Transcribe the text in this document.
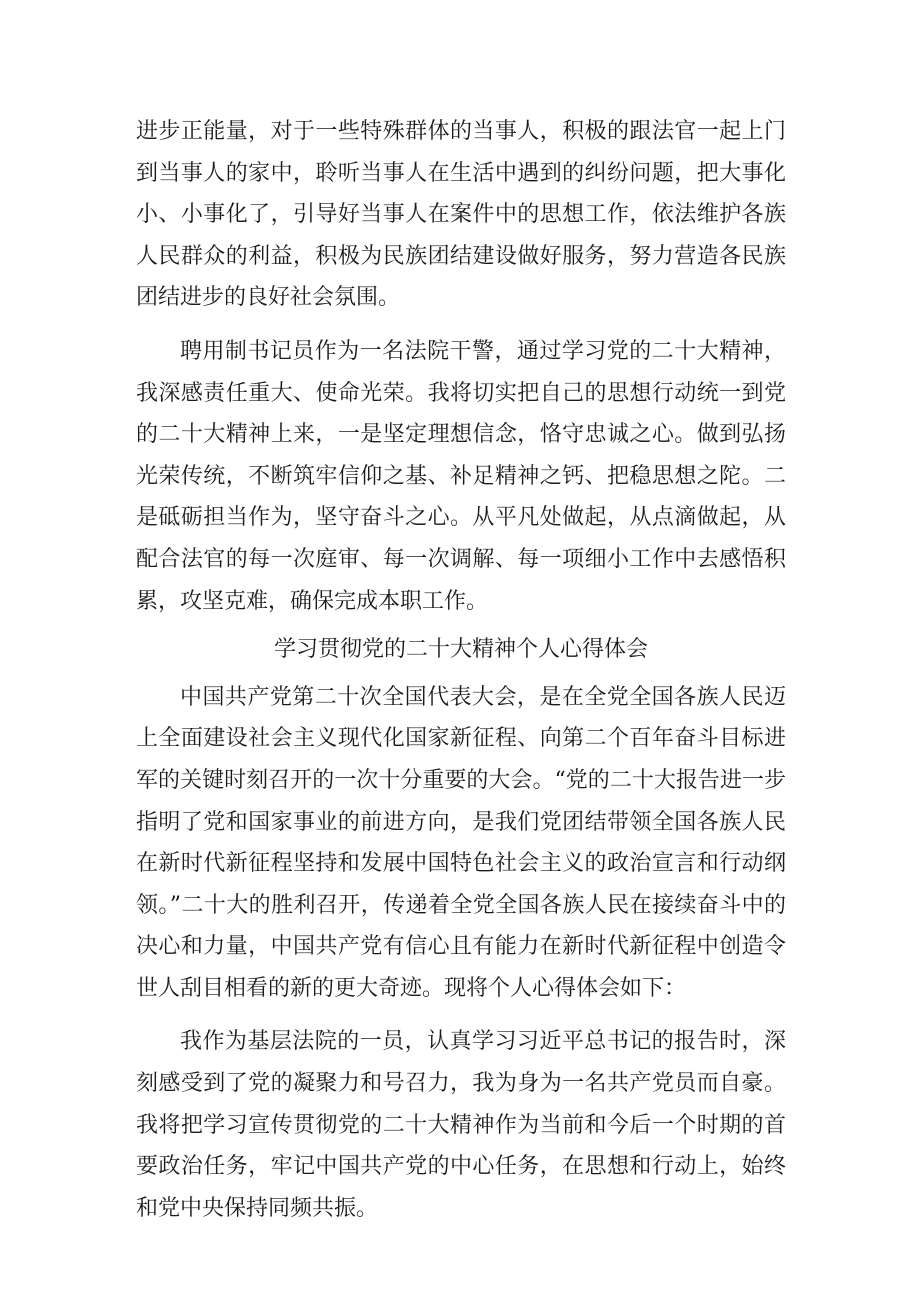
进步正能量，对于一些特殊群体的当事人，积极的跟法官一起上门到当事人的家中，聆听当事人在生活中遇到的纠纷问题，把大事化小、小事化了，引导好当事人在案件中的思想工作，依法维护各族人民群众的利益，积极为民族团结建设做好服务，努力营造各民族团结进步的良好社会氛围。

聘用制书记员作为一名法院干警，通过学习党的二十大精神，我深感责任重大、使命光荣。我将切实把自己的思想行动统一到党的二十大精神上来，一是坚定理想信念，恪守忠诚之心。做到弘扬光荣传统，不断筑牢信仰之基、补足精神之钙、把稳思想之陀。二是砥砺担当作为，坚守奋斗之心。从平凡处做起，从点滴做起，从配合法官的每一次庭审、每一次调解、每一项细小工作中去感悟积累，攻坚克难，确保完成本职工作。

学习贯彻党的二十大精神个人心得体会

中国共产党第二十次全国代表大会，是在全党全国各族人民迈上全面建设社会主义现代化国家新征程、向第二个百年奋斗目标进军的关键时刻召开的一次十分重要的大会。“党的二十大报告进一步指明了党和国家事业的前进方向，是我们党团结带领全国各族人民在新时代新征程坚持和发展中国特色社会主义的政治宣言和行动纲领。”二十大的胜利召开，传递着全党全国各族人民在接续奋斗中的决心和力量，中国共产党有信心且有能力在新时代新征程中创造令世人刮目相看的新的更大奇迹。现将个人心得体会如下：

我作为基层法院的一员，认真学习习近平总书记的报告时，深刻感受到了党的凝聚力和号召力，我为身为一名共产党员而自豪。我将把学习宣传贯彻党的二十大精神作为当前和今后一个时期的首要政治任务，牢记中国共产党的中心任务，在思想和行动上，始终和党中央保持同频共振。
